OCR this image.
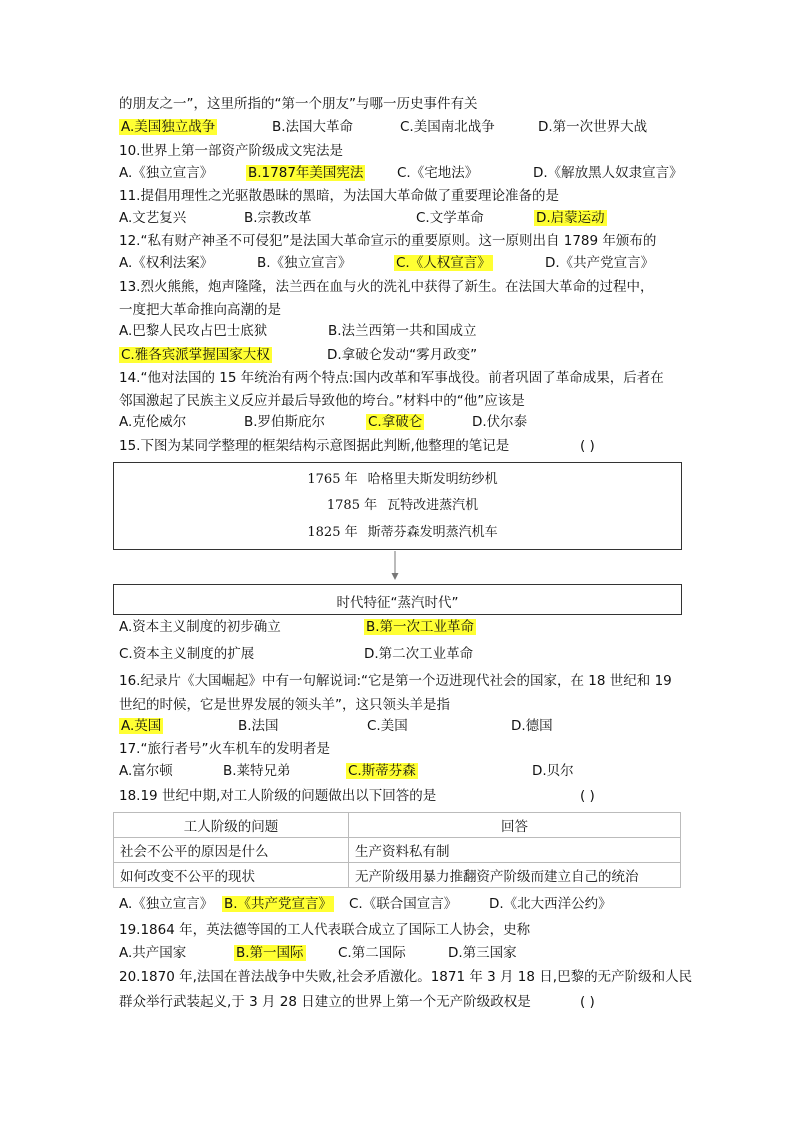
的朋友之一”，这里所指的“第一个朋友”与哪一历史事件有关
A.美国独立战争	B.法国大革命	C.美国南北战争	D.第一次世界大战
10.世界上第一部资产阶级成文宪法是
A.《独立宣言》	B.1787年美国宪法 C.《宅地法》	D.《解放黑人奴隶宣言》
11.提倡用理性之光驱散愚昧的黑暗，为法国大革命做了重要理论准备的是
A.文艺复兴	B.宗教改革	C.文学革命	D.启蒙运动
12.“私有财产神圣不可侵犯”是法国大革命宣示的重要原则。这一原则出自 1789 年颁布的
A.《权利法案》	B.《独立宣言》	C.《人权宣言》	D.《共产党宣言》
13.烈火熊熊，炮声隆隆，法兰西在血与火的洗礼中获得了新生。在法国大革命的过程中，
一度把大革命推向高潮的是
A.巴黎人民攻占巴士底狱	B.法兰西第一共和国成立
C.雅各宾派掌握国家大权	D.拿破仑发动“雾月政变”
14.“他对法国的 15 年统治有两个特点:国内改革和军事战役。前者巩固了革命成果，后者在
邻国激起了民族主义反应并最后导致他的垮台。”材料中的“他”应该是
A.克伦威尔	B.罗伯斯庇尔	C.拿破仑	D.伏尔泰
15.下图为某同学整理的框架结构示意图据此判断,他整理的笔记是	( )
1765 年 哈格里夫斯发明纺纱机
1785 年 瓦特改进蒸汽机
1825 年 斯蒂芬森发明蒸汽机车
时代特征“蒸汽时代”
A.资本主义制度的初步确立	B.第一次工业革命
C.资本主义制度的扩展	D.第二次工业革命
16.纪录片《大国崛起》中有一句解说词:“它是第一个迈进现代社会的国家，在 18 世纪和 19
世纪的时候，它是世界发展的领头羊”，这只领头羊是指
A.英国	B.法国	C.美国	D.德国
17.“旅行者号”火车机车的发明者是
A.富尔顿	B.莱特兄弟	C.斯蒂芬森	D.贝尔
18.19 世纪中期,对工人阶级的问题做出以下回答的是	( )
工人阶级的问题	回答
社会不公平的原因是什么	生产资料私有制
如何改变不公平的现状	无产阶级用暴力推翻资产阶级而建立自己的统治
A.《独立宣言》 B.《共产党宣言》 C.《联合国宣言》 D.《北大西洋公约》
19.1864 年，英法德等国的工人代表联合成立了国际工人协会，史称
A.共产国家	B.第一国际	C.第二国际	D.第三国家
20.1870 年,法国在普法战争中失败,社会矛盾激化。1871 年 3 月 18 日,巴黎的无产阶级和人民
群众举行武装起义,于 3 月 28 日建立的世界上第一个无产阶级政权是	( )
